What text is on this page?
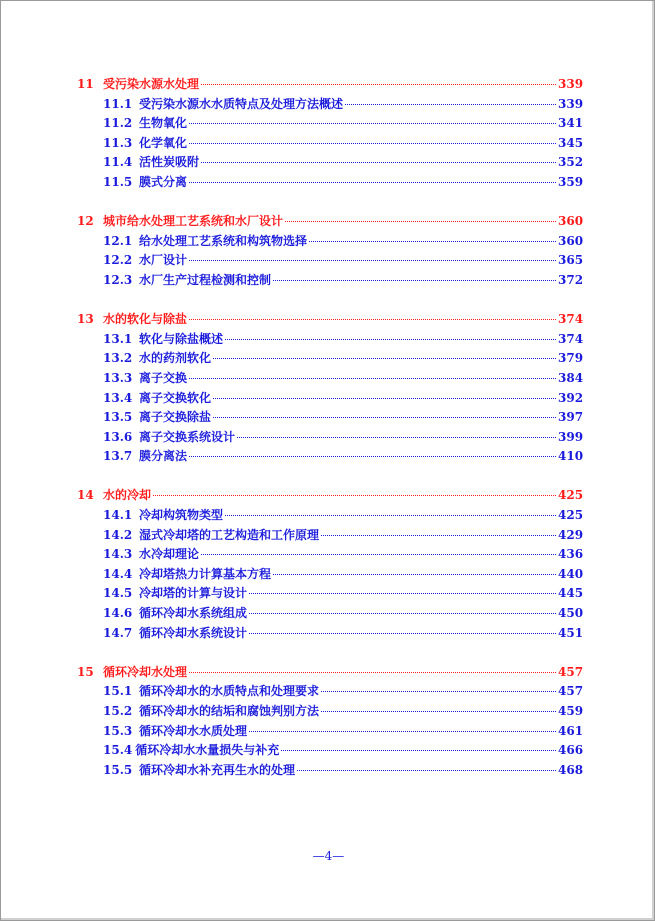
11 受污染水源水处理	339
11.1 受污染水源水水质特点及处理方法概述	339
11.2 生物氧化	341
11.3 化学氧化	345
11.4 活性炭吸附	352
11.5 膜式分离	359
12 城市给水处理工艺系统和水厂设计	360
12.1 给水处理工艺系统和构筑物选择	360
12.2 水厂设计	365
12.3 水厂生产过程检测和控制	372
13 水的软化与除盐	374
13.1 软化与除盐概述	374
13.2 水的药剂软化	379
13.3 离子交换	384
13.4 离子交换软化	392
13.5 离子交换除盐	397
13.6 离子交换系统设计	399
13.7 膜分离法	410
14 水的冷却	425
14.1 冷却构筑物类型	425
14.2 湿式冷却塔的工艺构造和工作原理	429
14.3 水冷却理论	436
14.4 冷却塔热力计算基本方程	440
14.5 冷却塔的计算与设计	445
14.6 循环冷却水系统组成	450
14.7 循环冷却水系统设计	451
15 循环冷却水处理	457
15.1 循环冷却水的水质特点和处理要求	457
15.2 循环冷却水的结垢和腐蚀判别方法	459
15.3 循环冷却水水质处理	461
15.4 循环冷却水水量损失与补充	466
15.5 循环冷却水补充再生水的处理	468
—4—
